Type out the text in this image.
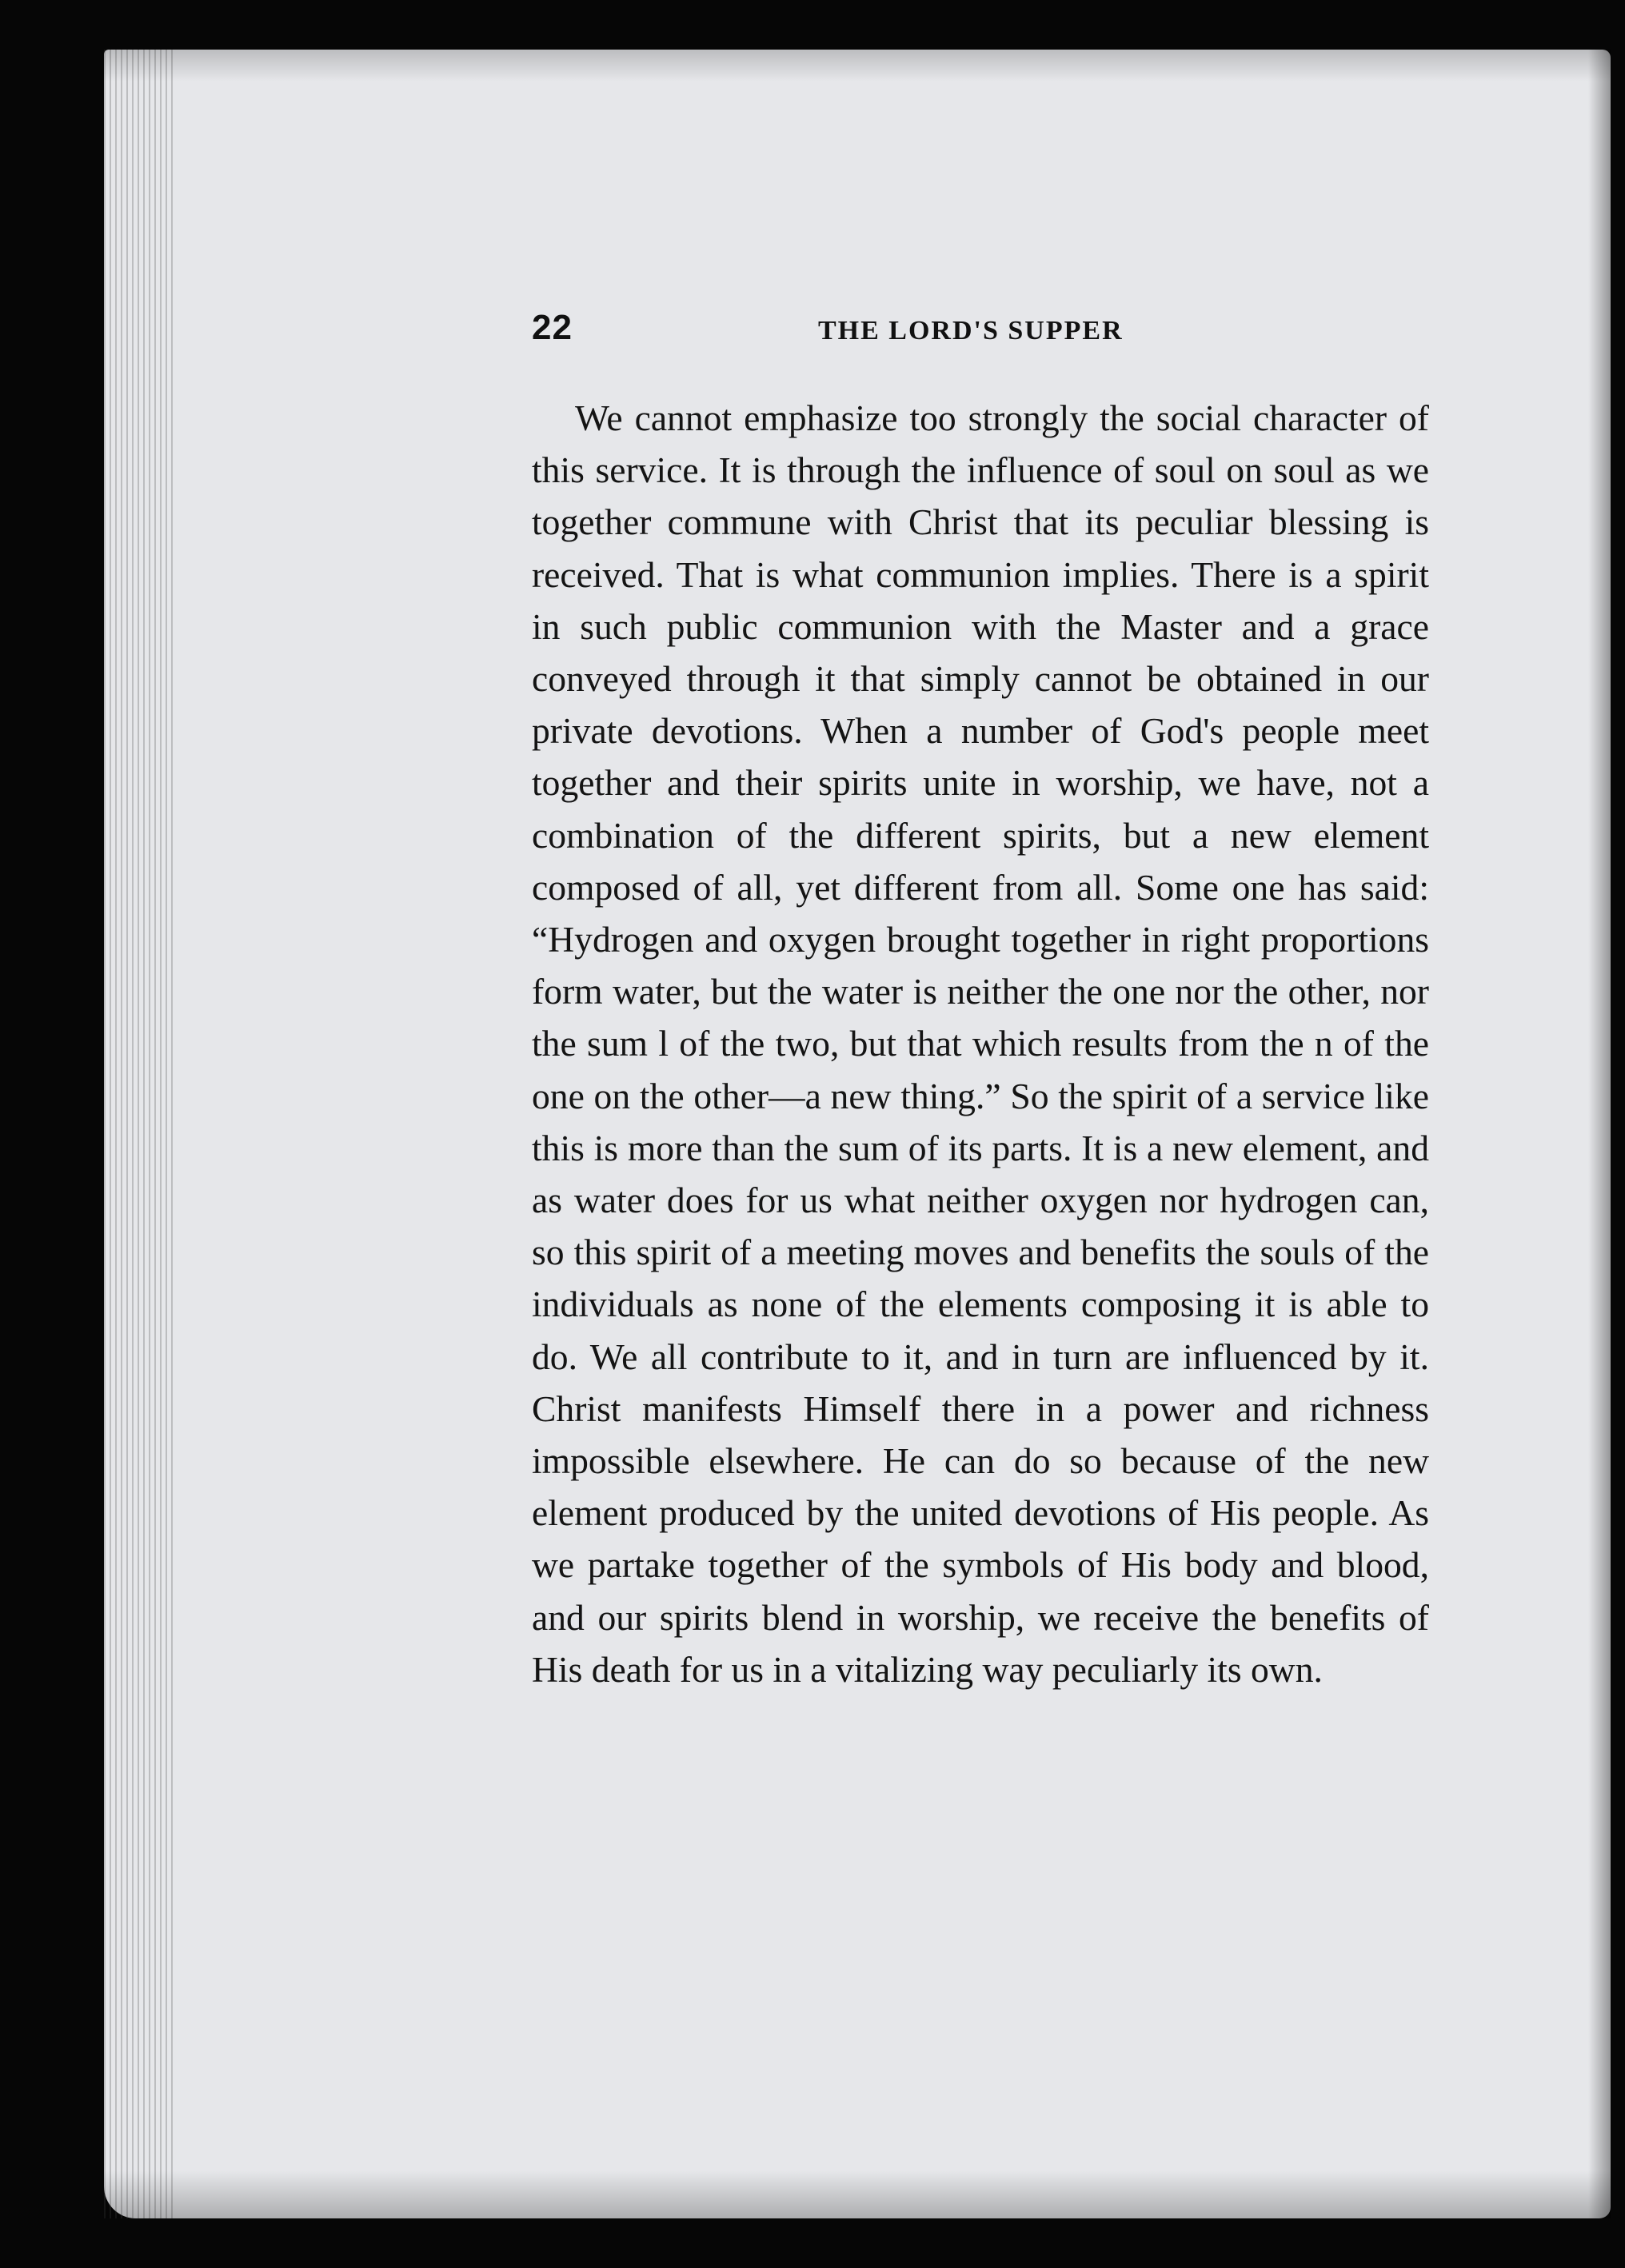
22	THE LORD'S SUPPER

We cannot emphasize too strongly the social character of this service. It is through the influence of soul on soul as we together commune with Christ that its peculiar blessing is received. That is what communion implies. There is a spirit in such public communion with the Master and a grace conveyed through it that simply cannot be obtained in our private devotions. When a number of God's people meet together and their spirits unite in worship, we have, not a combination of the different spirits, but a new element composed of all, yet different from all. Some one has said: “Hydrogen and oxygen brought together in right proportions form water, but the water is neither the one nor the other, nor the sum l of the two, but that which results from the n of the one on the other—a new thing.” So the spirit of a service like this is more than the sum of its parts. It is a new element, and as water does for us what neither oxygen nor hydrogen can, so this spirit of a meeting moves and benefits the souls of the individuals as none of the elements composing it is able to do. We all contribute to it, and in turn are influenced by it. Christ manifests Himself there in a power and richness impossible elsewhere. He can do so because of the new element produced by the united devotions of His people. As we partake together of the symbols of His body and blood, and our spirits blend in worship, we receive the benefits of His death for us in a vitalizing way peculiarly its own.
